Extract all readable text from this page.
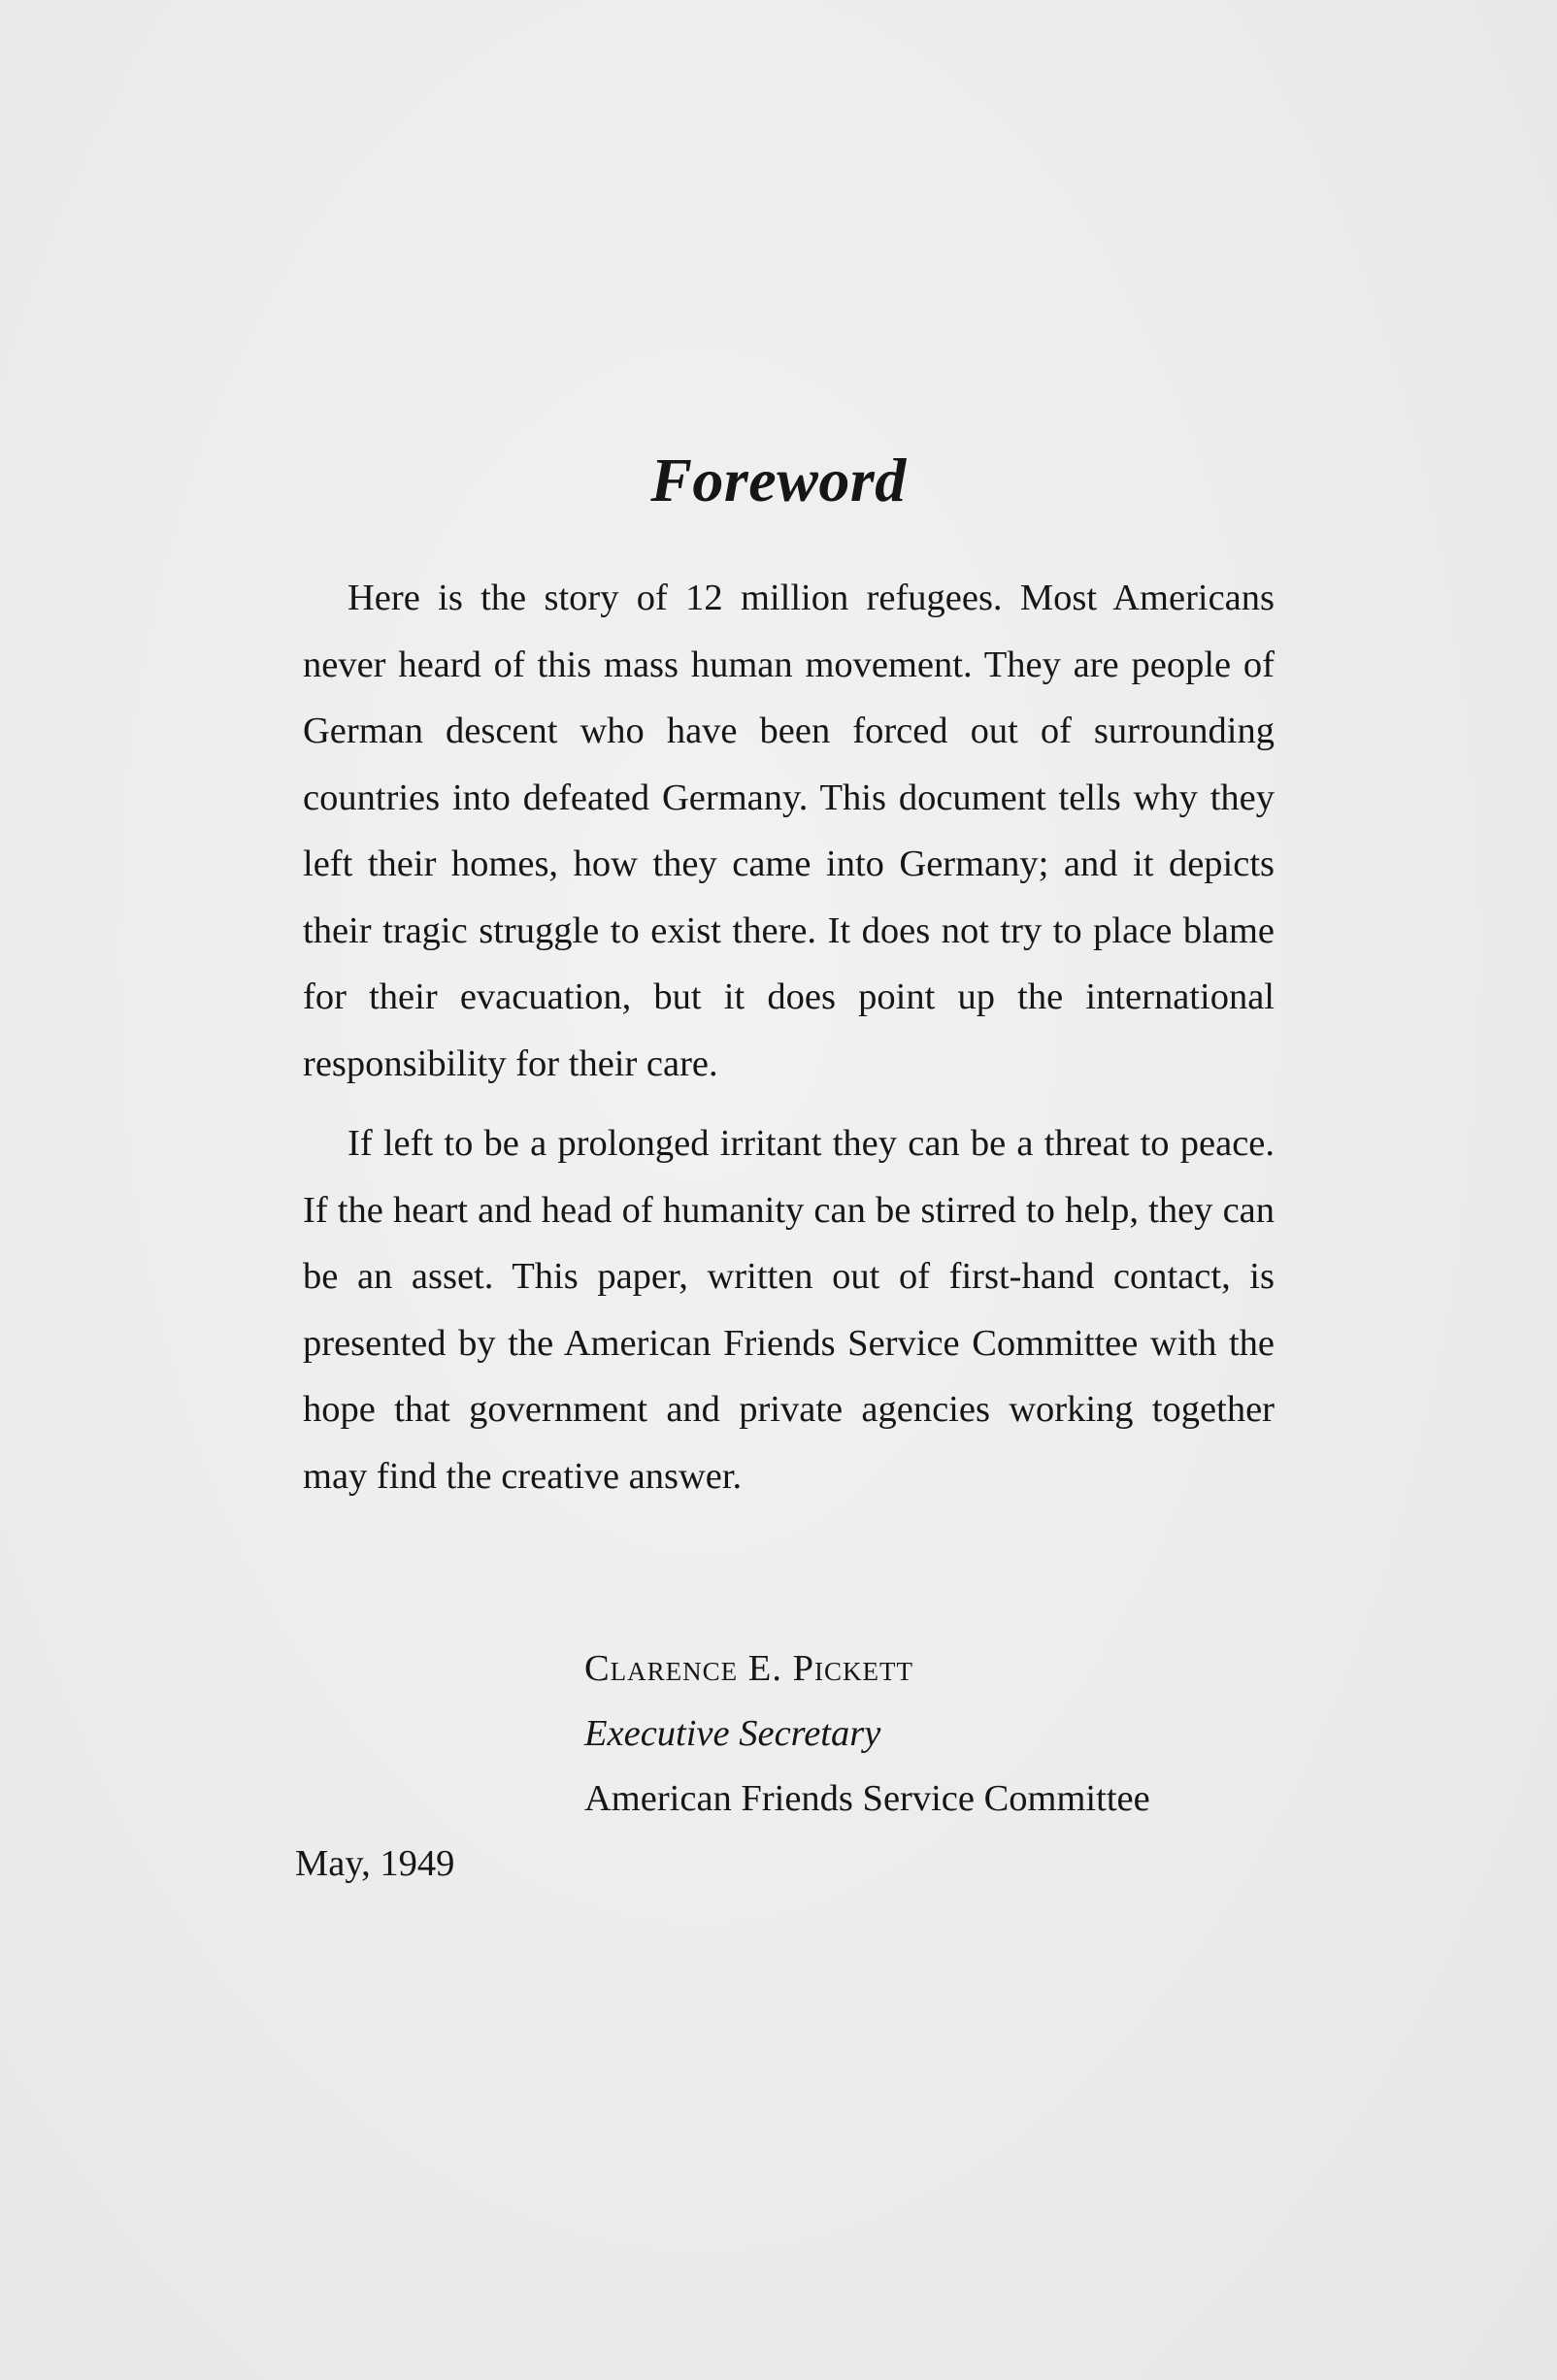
Foreword

Here is the story of 12 million refugees. Most Americans never heard of this mass human movement. They are people of German descent who have been forced out of surrounding countries into defeated Germany. This document tells why they left their homes, how they came into Germany; and it depicts their tragic struggle to exist there. It does not try to place blame for their evacuation, but it does point up the international responsibility for their care.

If left to be a prolonged irritant they can be a threat to peace. If the heart and head of humanity can be stirred to help, they can be an asset. This paper, written out of first-hand contact, is presented by the American Friends Service Committee with the hope that government and private agencies working together may find the creative answer.

Clarence E. Pickett
Executive Secretary
American Friends Service Committee
May, 1949
